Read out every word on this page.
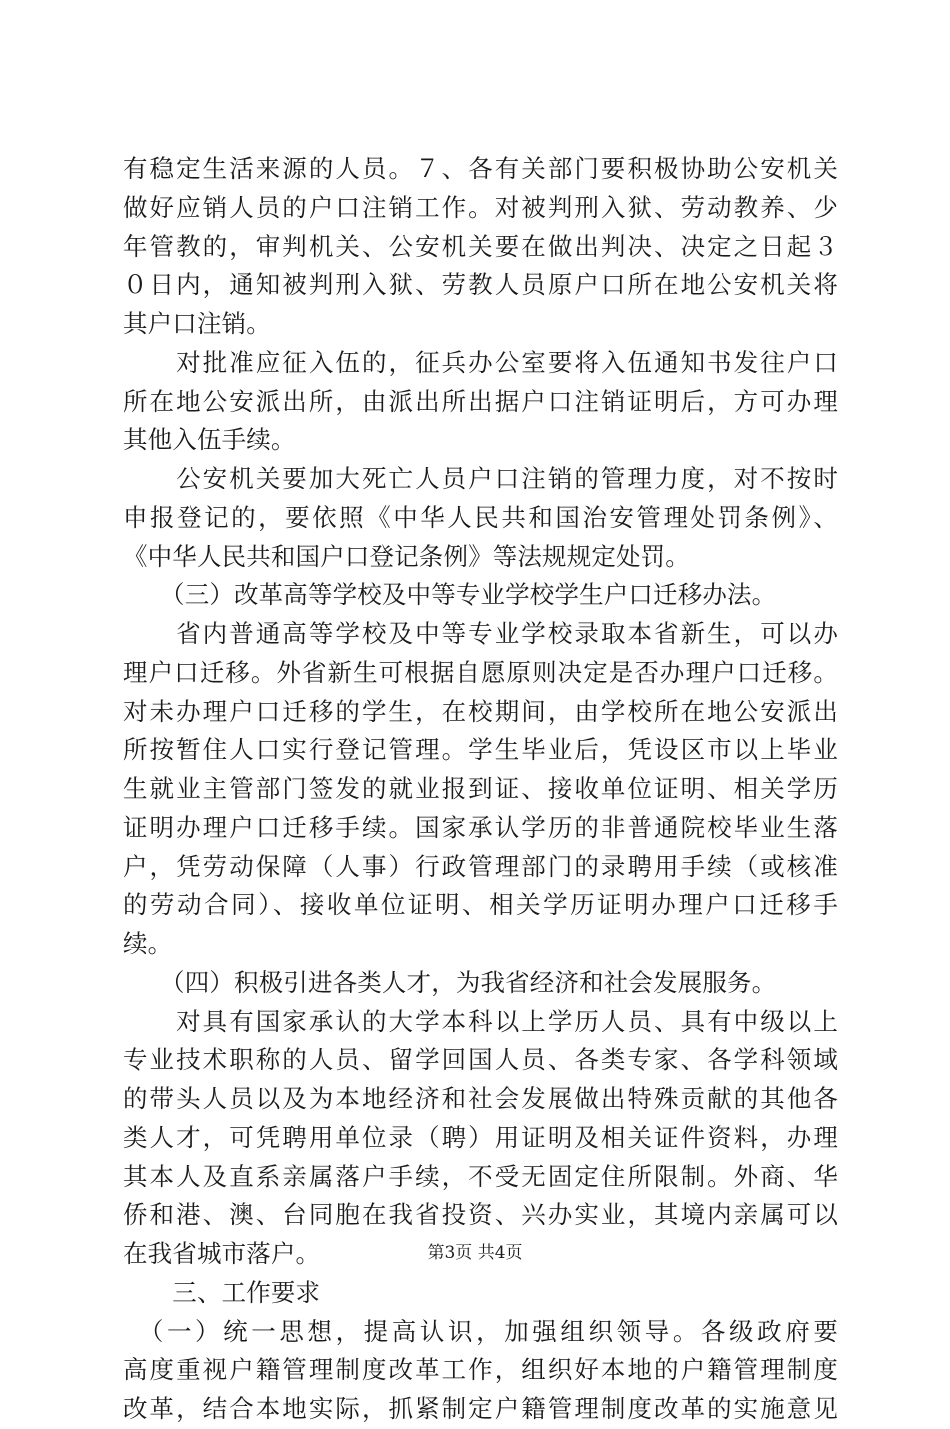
有稳定生活来源的人员。７、各有关部门要积极协助公安机关
做好应销人员的户口注销工作。对被判刑入狱、劳动教养、少
年管教的，审判机关、公安机关要在做出判决、决定之日起３
０日内，通知被判刑入狱、劳教人员原户口所在地公安机关将
其户口注销。
　　对批准应征入伍的，征兵办公室要将入伍通知书发往户口
所在地公安派出所，由派出所出据户口注销证明后，方可办理
其他入伍手续。
　　公安机关要加大死亡人员户口注销的管理力度，对不按时
申报登记的，要依照《中华人民共和国治安管理处罚条例》、
《中华人民共和国户口登记条例》等法规规定处罚。
　　（三）改革高等学校及中等专业学校学生户口迁移办法。
　　省内普通高等学校及中等专业学校录取本省新生，可以办
理户口迁移。外省新生可根据自愿原则决定是否办理户口迁移。
对未办理户口迁移的学生，在校期间，由学校所在地公安派出
所按暂住人口实行登记管理。学生毕业后，凭设区市以上毕业
生就业主管部门签发的就业报到证、接收单位证明、相关学历
证明办理户口迁移手续。国家承认学历的非普通院校毕业生落
户，凭劳动保障（人事）行政管理部门的录聘用手续（或核准
的劳动合同）、接收单位证明、相关学历证明办理户口迁移手
续。
　　（四）积极引进各类人才，为我省经济和社会发展服务。
　　对具有国家承认的大学本科以上学历人员、具有中级以上
专业技术职称的人员、留学回国人员、各类专家、各学科领域
的带头人员以及为本地经济和社会发展做出特殊贡献的其他各
类人才，可凭聘用单位录（聘）用证明及相关证件资料，办理
其本人及直系亲属落户手续，不受无固定住所限制。外商、华
侨和港、澳、台同胞在我省投资、兴办实业，其境内亲属可以
在我省城市落户。
　　三、工作要求
　（一）统一思想，提高认识，加强组织领导。各级政府要
高度重视户籍管理制度改革工作，组织好本地的户籍管理制度
改革，结合本地实际，抓紧制定户籍管理制度改革的实施意见
第3页 共4页
